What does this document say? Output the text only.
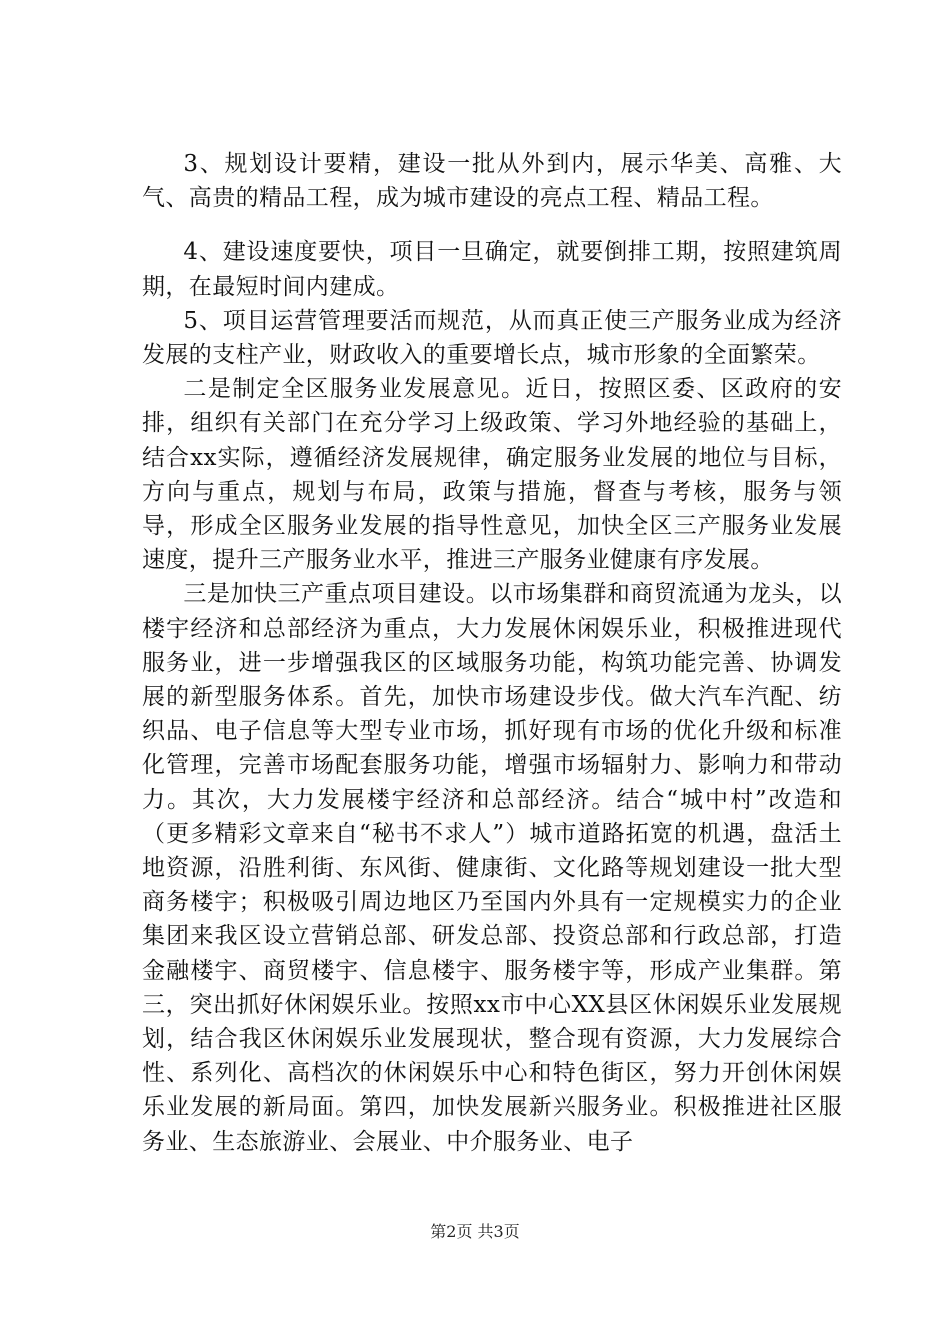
3、规划设计要精，建设一批从外到内，展示华美、高雅、大气、高贵的精品工程，成为城市建设的亮点工程、精品工程。

4、建设速度要快，项目一旦确定，就要倒排工期，按照建筑周期，在最短时间内建成。

5、项目运营管理要活而规范，从而真正使三产服务业成为经济发展的支柱产业，财政收入的重要增长点，城市形象的全面繁荣。

二是制定全区服务业发展意见。近日，按照区委、区政府的安排，组织有关部门在充分学习上级政策、学习外地经验的基础上，结合xx实际，遵循经济发展规律，确定服务业发展的地位与目标，方向与重点，规划与布局，政策与措施，督查与考核，服务与领导，形成全区服务业发展的指导性意见，加快全区三产服务业发展速度，提升三产服务业水平，推进三产服务业健康有序发展。

三是加快三产重点项目建设。以市场集群和商贸流通为龙头，以楼宇经济和总部经济为重点，大力发展休闲娱乐业，积极推进现代服务业，进一步增强我区的区域服务功能，构筑功能完善、协调发展的新型服务体系。首先，加快市场建设步伐。做大汽车汽配、纺织品、电子信息等大型专业市场，抓好现有市场的优化升级和标准化管理，完善市场配套服务功能，增强市场辐射力、影响力和带动力。其次，大力发展楼宇经济和总部经济。结合“城中村”改造和（更多精彩文章来自“秘书不求人”）城市道路拓宽的机遇，盘活土地资源，沿胜利街、东风街、健康街、文化路等规划建设一批大型商务楼宇；积极吸引周边地区乃至国内外具有一定规模实力的企业集团来我区设立营销总部、研发总部、投资总部和行政总部，打造金融楼宇、商贸楼宇、信息楼宇、服务楼宇等，形成产业集群。第三，突出抓好休闲娱乐业。按照xx市中心XX县区休闲娱乐业发展规划，结合我区休闲娱乐业发展现状，整合现有资源，大力发展综合性、系列化、高档次的休闲娱乐中心和特色街区，努力开创休闲娱乐业发展的新局面。第四，加快发展新兴服务业。积极推进社区服务业、生态旅游业、会展业、中介服务业、电子

第2页 共3页
